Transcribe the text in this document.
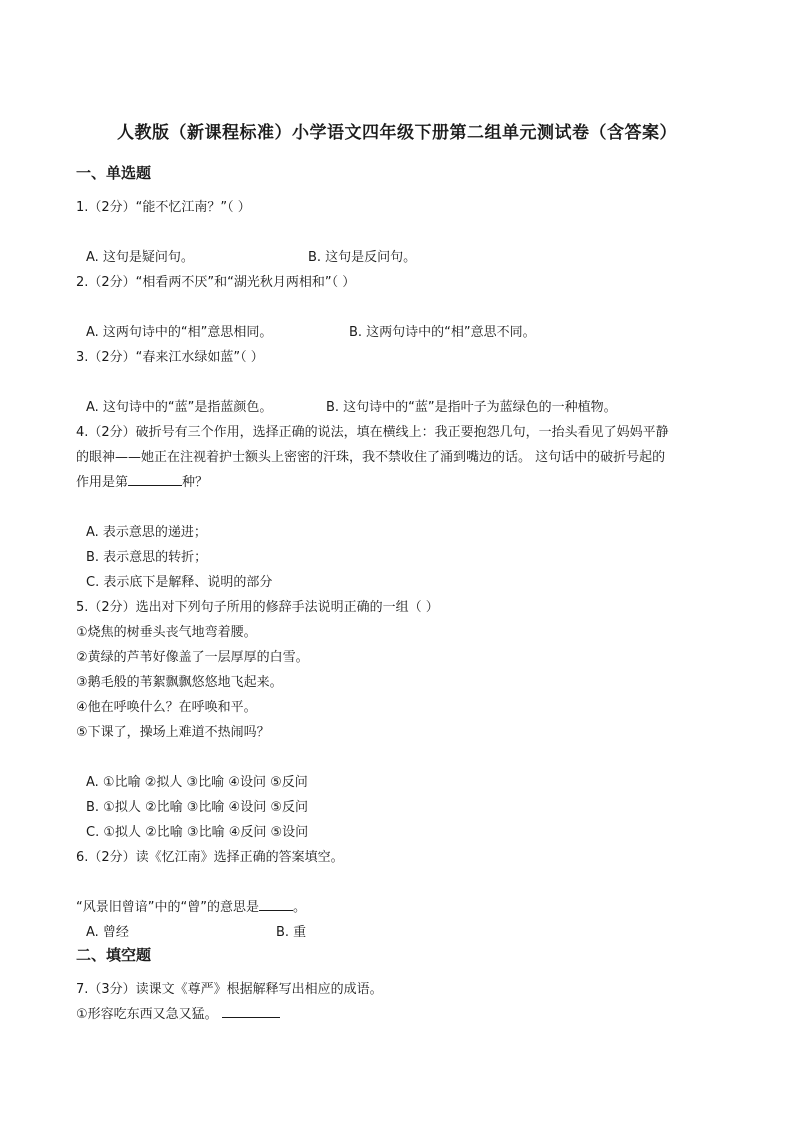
人教版（新课程标准）小学语文四年级下册第二组单元测试卷（含答案）
一、单选题
1.（2分）“能不忆江南？”（ ）
A. 这句是疑问句。	B. 这句是反问句。
2.（2分）“相看两不厌”和“湖光秋月两相和”（ ）
A. 这两句诗中的“相”意思相同。	B. 这两句诗中的“相”意思不同。
3.（2分）“春来江水绿如蓝”（ ）
A. 这句诗中的“蓝”是指蓝颜色。	B. 这句诗中的“蓝”是指叶子为蓝绿色的一种植物。
4.（2分）破折号有三个作用，选择正确的说法，填在横线上：我正要抱怨几句，一抬头看见了妈妈平静
的眼神——她正在注视着护士额头上密密的汗珠，我不禁收住了涌到嘴边的话。 这句话中的破折号起的
作用是第	种？
A. 表示意思的递进；
B. 表示意思的转折；
C. 表示底下是解释、说明的部分
5.（2分）选出对下列句子所用的修辞手法说明正确的一组（ ）
①烧焦的树垂头丧气地弯着腰。
②黄绿的芦苇好像盖了一层厚厚的白雪。
③鹅毛般的苇絮飘飘悠悠地飞起来。
④他在呼唤什么？在呼唤和平。
⑤下课了，操场上难道不热闹吗？
A. ①比喻 ②拟人 ③比喻 ④设问 ⑤反问
B. ①拟人 ②比喻 ③比喻 ④设问 ⑤反问
C. ①拟人 ②比喻 ③比喻 ④反问 ⑤设问
6.（2分）读《忆江南》选择正确的答案填空。
“风景旧曾谙”中的“曾”的意思是	。
A. 曾经	B. 重
二、填空题
7.（3分）读课文《尊严》根据解释写出相应的成语。
①形容吃东西又急又猛。
